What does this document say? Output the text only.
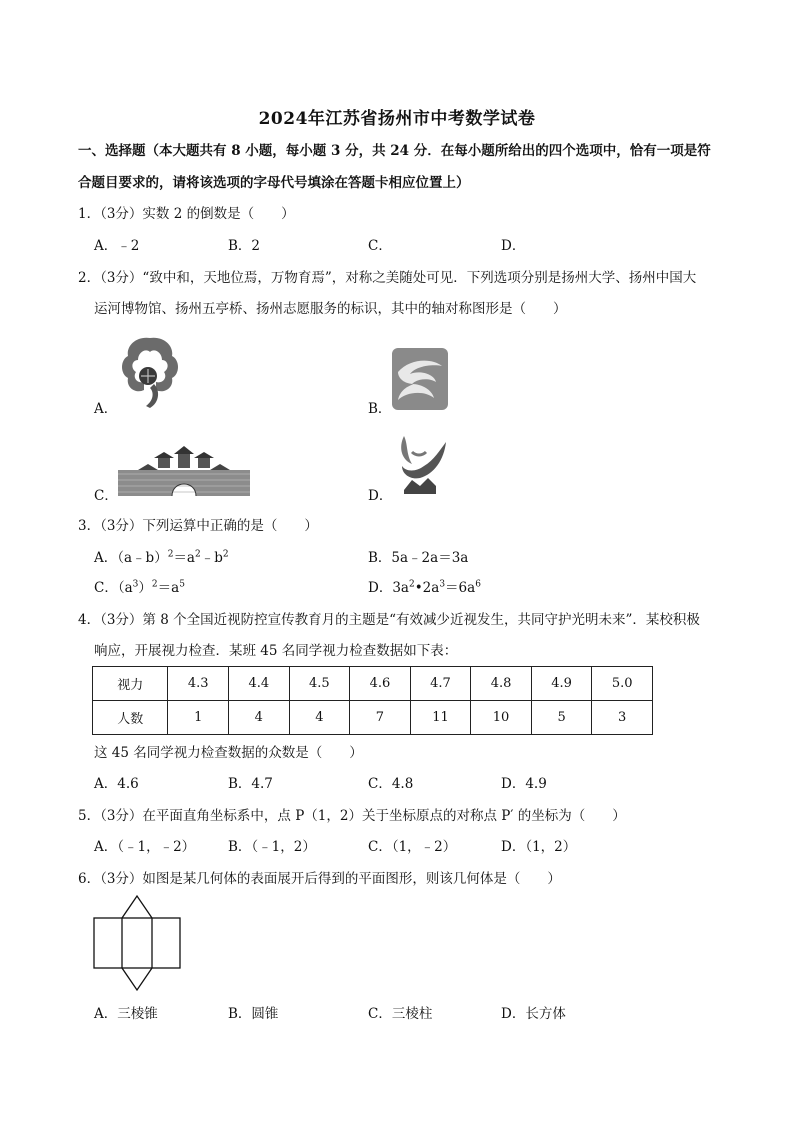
2024年江苏省扬州市中考数学试卷
一、选择题（本大题共有 8 小题，每小题 3 分，共 24 分．在每小题所给出的四个选项中，恰有一项是符
合题目要求的，请将该选项的字母代号填涂在答题卡相应位置上）
1．（3分）实数 2 的倒数是（　　）
A．﹣2	B．2	C．	D．
2．（3分）“致中和，天地位焉，万物育焉”，对称之美随处可见．下列选项分别是扬州大学、扬州中国大
运河博物馆、扬州五亭桥、扬州志愿服务的标识，其中的轴对称图形是（　　）
A．	B．
C．	D．
3．（3分）下列运算中正确的是（　　）
A．$(a﹣b)^2=a^2﹣b^2$	B．5a﹣2a＝3a
C．$(a^3)^2=a^5$	D．$3a^2•2a^3=6a^6$
4．（3分）第 8 个全国近视防控宣传教育月的主题是“有效减少近视发生，共同守护光明未来”．某校积极
响应，开展视力检查．某班 45 名同学视力检查数据如下表：
视力	4.3	4.4	4.5	4.6	4.7	4.8	4.9	5.0
人数	1	4	4	7	11	10	5	3
这 45 名同学视力检查数据的众数是（　　）
A．4.6	B．4.7	C．4.8	D．4.9
5．（3分）在平面直角坐标系中，点 P（1，2）关于坐标原点的对称点 P′ 的坐标为（　　）
A．（﹣1，﹣2） B．（﹣1，2）	C．（1，﹣2）	D．（1，2）
6．（3分）如图是某几何体的表面展开后得到的平面图形，则该几何体是（　　）
A．三棱锥	B．圆锥	C．三棱柱	D．长方体
